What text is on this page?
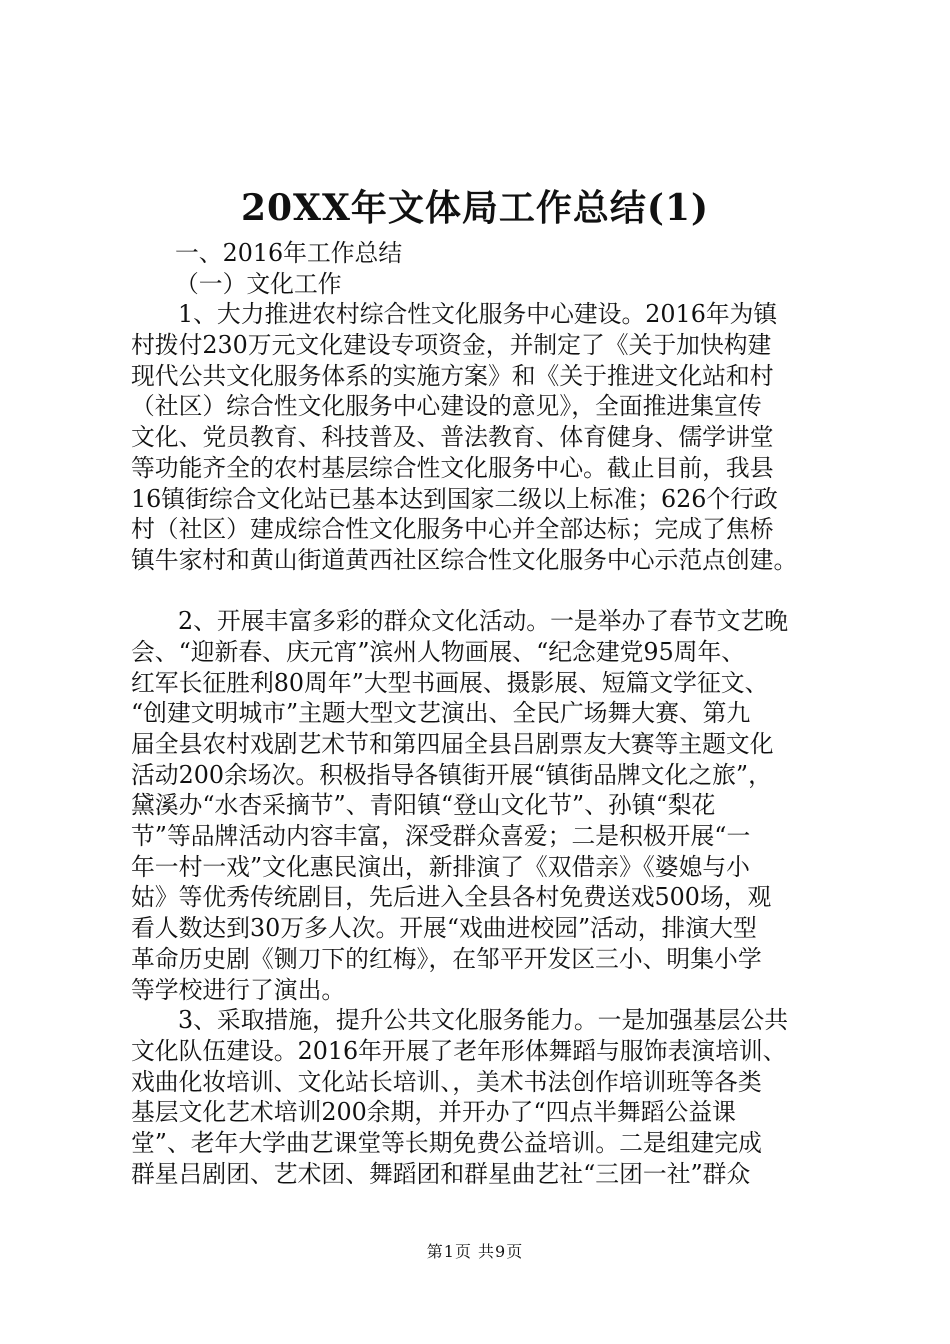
20XX年文体局工作总结(1)
一、2016年工作总结
（一）文化工作
1、大力推进农村综合性文化服务中心建设。2016年为镇
村拨付230万元文化建设专项资金，并制定了《关于加快构建
现代公共文化服务体系的实施方案》和《关于推进文化站和村
（社区）综合性文化服务中心建设的意见》，全面推进集宣传
文化、党员教育、科技普及、普法教育、体育健身、儒学讲堂
等功能齐全的农村基层综合性文化服务中心。截止目前，我县
16镇街综合文化站已基本达到国家二级以上标准；626个行政
村（社区）建成综合性文化服务中心并全部达标；完成了焦桥
镇牛家村和黄山街道黄西社区综合性文化服务中心示范点创建。
2、开展丰富多彩的群众文化活动。一是举办了春节文艺晚
会、“迎新春、庆元宵”滨州人物画展、“纪念建党95周年、
红军长征胜利80周年”大型书画展、摄影展、短篇文学征文、
“创建文明城市”主题大型文艺演出、全民广场舞大赛、第九
届全县农村戏剧艺术节和第四届全县吕剧票友大赛等主题文化
活动200余场次。积极指导各镇街开展“镇街品牌文化之旅”，
黛溪办“水杏采摘节”、青阳镇“登山文化节”、孙镇“梨花
节”等品牌活动内容丰富，深受群众喜爱；二是积极开展“一
年一村一戏”文化惠民演出，新排演了《双借亲》《婆媳与小
姑》等优秀传统剧目，先后进入全县各村免费送戏500场，观
看人数达到30万多人次。开展“戏曲进校园”活动，排演大型
革命历史剧《铡刀下的红梅》，在邹平开发区三小、明集小学
等学校进行了演出。
3、采取措施，提升公共文化服务能力。一是加强基层公共
文化队伍建设。2016年开展了老年形体舞蹈与服饰表演培训、
戏曲化妆培训、文化站长培训、，美术书法创作培训班等各类
基层文化艺术培训200余期，并开办了“四点半舞蹈公益课
堂”、老年大学曲艺课堂等长期免费公益培训。二是组建完成
群星吕剧团、艺术团、舞蹈团和群星曲艺社“三团一社”群众
第1页 共9页
